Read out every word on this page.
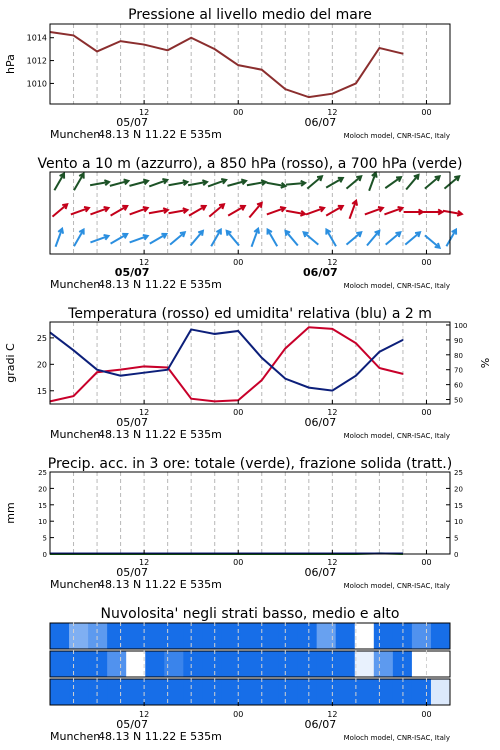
Pressione al livello medio del mare
1014
1012
1010
hPa
12	00	12	00
05/07	06/07
Munchen
48.13 N 11.22 E 535m	Moloch model, CNR-ISAC, Italy
Vento a 10 m (azzurro), a 850 hPa (rosso), a 700 hPa (verde)
12	00	12	00
05/07	06/07
Munchen
48.13 N 11.22 E 535m	Moloch model, CNR-ISAC, Italy
Temperatura (rosso) ed umidita' relativa (blu) a 2 m
25
20
15
100
90
80
70
60
50
gradi C	%
12	00	12	00
05/07	06/07
Munchen
48.13 N 11.22 E 535m	Moloch model, CNR-ISAC, Italy
Precip. acc. in 3 ore: totale (verde), frazione solida (tratt.)
25	25
20	20
15	15
10	10
5	5
0	0
mm
12	00	12	00
05/07	06/07
Munchen
48.13 N 11.22 E 535m	Moloch model, CNR-ISAC, Italy
Nuvolosita' negli strati basso, medio e alto
12	00	12	00
05/07	06/07
Munchen
48.13 N 11.22 E 535m	Moloch model, CNR-ISAC, Italy
